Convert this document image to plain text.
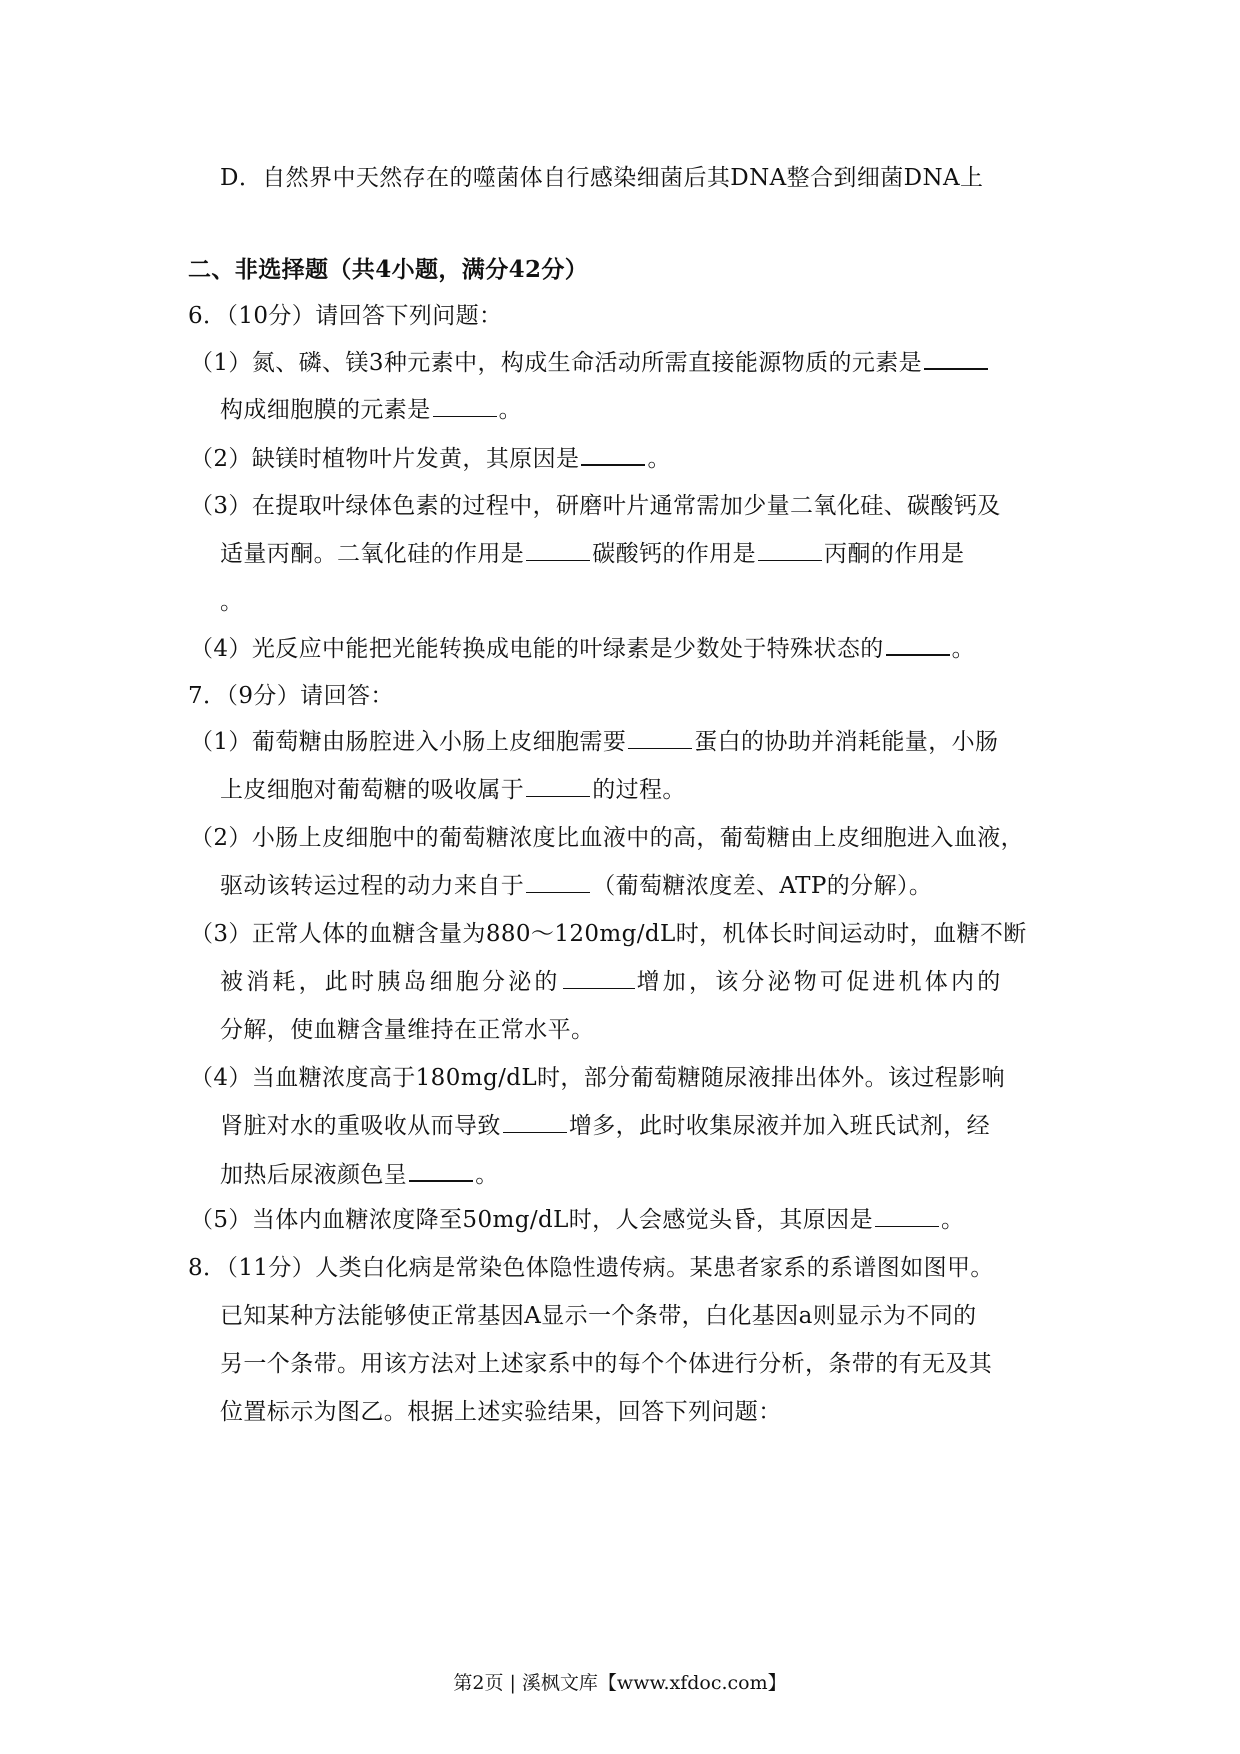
D．自然界中天然存在的噬菌体自行感染细菌后其DNA整合到细菌DNA上
二、非选择题（共4小题，满分42分）
6．（10分）请回答下列问题：
（1）氮、磷、镁3种元素中，构成生命活动所需直接能源物质的元素是
构成细胞膜的元素是	。
（2）缺镁时植物叶片发黄，其原因是	。
（3）在提取叶绿体色素的过程中，研磨叶片通常需加少量二氧化硅、碳酸钙及
适量丙酮。二氧化硅的作用是	碳酸钙的作用是	丙酮的作用是
。
（4）光反应中能把光能转换成电能的叶绿素是少数处于特殊状态的	。
7．（9分）请回答：
（1）葡萄糖由肠腔进入小肠上皮细胞需要	蛋白的协助并消耗能量，小肠
上皮细胞对葡萄糖的吸收属于	的过程。
（2）小肠上皮细胞中的葡萄糖浓度比血液中的高，葡萄糖由上皮细胞进入血液，
驱动该转运过程的动力来自于	（葡萄糖浓度差、ATP的分解）。
（3）正常人体的血糖含量为880～120mg/dL时，机体长时间运动时，血糖不断
被消耗，此时胰岛细胞分泌的	增加，该分泌物可促进机体内的
分解，使血糖含量维持在正常水平。
（4）当血糖浓度高于180mg/dL时，部分葡萄糖随尿液排出体外。该过程影响
肾脏对水的重吸收从而导致	增多，此时收集尿液并加入班氏试剂，经
加热后尿液颜色呈	。
（5）当体内血糖浓度降至50mg/dL时，人会感觉头昏，其原因是	。
8．（11分）人类白化病是常染色体隐性遗传病。某患者家系的系谱图如图甲。
已知某种方法能够使正常基因A显示一个条带，白化基因a则显示为不同的
另一个条带。用该方法对上述家系中的每个个体进行分析，条带的有无及其
位置标示为图乙。根据上述实验结果，回答下列问题：
第2页 | 溪枫文库【www.xfdoc.com】
